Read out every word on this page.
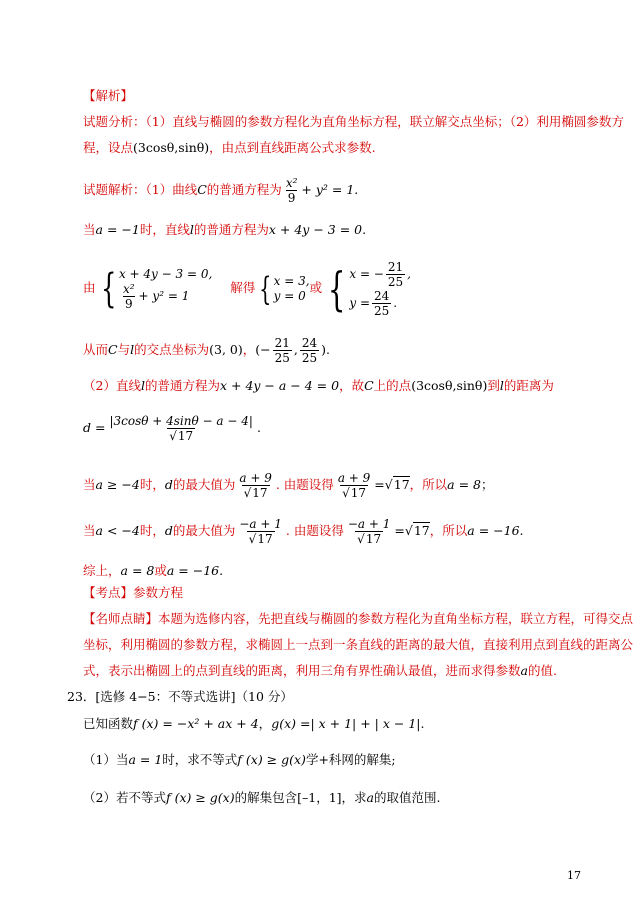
【解析】
试题分析：（1）直线与椭圆的参数方程化为直角坐标方程，联立解交点坐标；（2）利用椭圆参数方
程，设点(3cosθ,sinθ)，由点到直线距离公式求参数.
试题解析：（1）曲线C的普通方程为 $\frac{\text{x²}}{9} + y^2 = 1$.
当a = −1时，直线l的普通方程为x + 4y − 3 = 0.
由 { x + 4y − 3 = 0,
$\frac{\text{x²}}{9} + y^2 = 1$
解得 { x = 3,
y = 0
或 { x = − $\frac{21}{25}$ ,
$y = \frac{24}{25}$ .
从而C与l的交点坐标为(3, 0)，(− $\frac{21}{25}$ , $\frac{24}{25}$ ).
（2）直线l的普通方程为x + 4y − a − 4 = 0，故C上的点(3cosθ,sinθ)到l的距离为
$d = \frac{|3\cos\theta + 4\sin\theta - a - 4|}{√17}$ .
当a ≥ −4时，d的最大值为 $\frac{a + 9}{√17}$ . 由题设得 $\frac{a + 9}{√17} =√17$，所以a = 8；
当a < −4时，d的最大值为 $\frac{-a + 1}{√17}$ . 由题设得 $\frac{-a + 1}{√17} =√17$，所以a = −16.
综上，a = 8或a = −16.
【考点】参数方程
【名师点睛】本题为选修内容，先把直线与椭圆的参数方程化为直角坐标方程，联立方程，可得交点
坐标，利用椭圆的参数方程，求椭圆上一点到一条直线的距离的最大值，直接利用点到直线的距离公
式，表示出椭圆上的点到直线的距离，利用三角有界性确认最值，进而求得参数a的值.
23．[选修 4−5：不等式选讲]（10 分）
已知函数f (x) = −x² + ax + 4，g(x) =| x + 1| + | x − 1|.
（1）当a = 1时，求不等式f (x) ≥ g(x)学+科网的解集;
（2）若不等式f (x) ≥ g(x)的解集包含[–1，1]，求a的取值范围.
17
